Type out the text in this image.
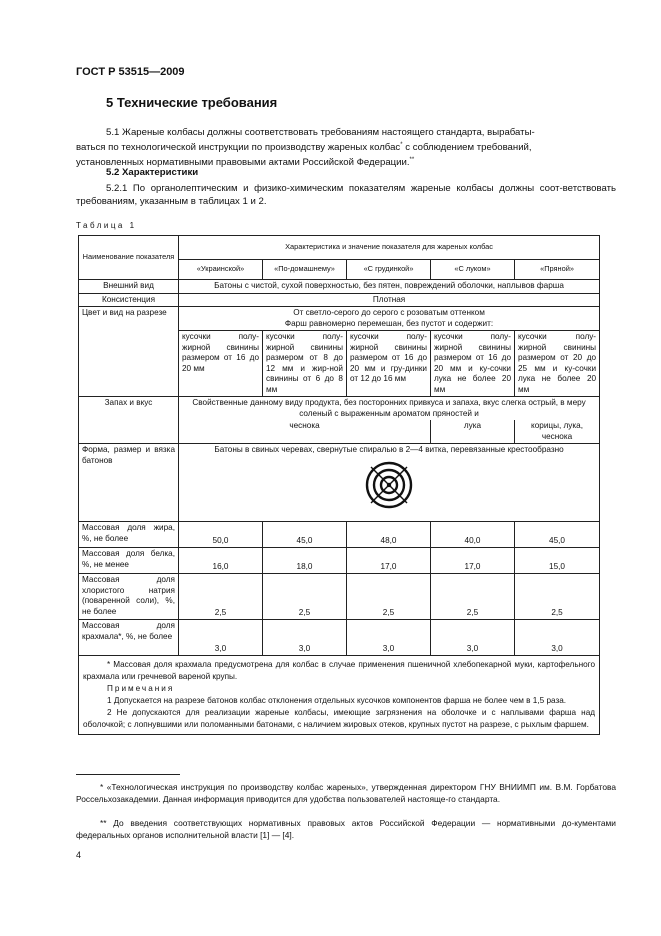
ГОСТ Р 53515—2009
5 Технические требования
5.1 Жареные колбасы должны соответствовать требованиям настоящего стандарта, вырабаты-
ваться по технологической инструкции по производству жареных колбас* с соблюдением требований,
установленных нормативными правовыми актами Российской Федерации.**
5.2 Характеристики
5.2.1 По органолептическим и физико-химическим показателям жареные колбасы должны соот-ветствовать требованиям, указанным в таблицах 1 и 2.
Таблица 1
Наименование показателя	Характеристика и значение показателя для жареных колбас				
	«Украинской»	«По-домашнему»	«С грудинкой»	«С луком»	«Пряной»
Внешний вид	Батоны с чистой, сухой поверхностью, без пятен, повреждений оболочки, наплывов фарша				
Консистенция	Плотная				
Цвет и вид на разрезе	От светло-серого до серого с розоватым оттенком
Фарш равномерно перемешан, без пустот и содержит:				
	кусочки полу-жирной свинины размером от 16 до 20 мм	кусочки полу-жирной свинины размером от 8 до 12 мм и жир-ной свинины от 6 до 8 мм	кусочки полу-жирной свинины размером от 16 до 20 мм и гру-динки от 12 до 16 мм	кусочки полу-жирной свинины размером от 16 до 20 мм и ку-сочки лука не более 20 мм	кусочки полу-жирной свинины размером от 20 до 25 мм и ку-сочки лука не более 20 мм
Запах и вкус	Свойственные данному виду продукта, без посторонних привкуса и запаха, вкус слегка острый, в меру соленый с выраженным ароматом пряностей и				
	чеснока			лука	корицы, лука, чеснока
Форма, размер и вязка батонов	Батоны в свиных черевах, свернутые спиралью в 2—4 витка, перевязанные крестообразно				

Массовая доля жира, %, не более	50,0	45,0	48,0	40,0	45,0
Массовая доля белка, %, не менее	16,0	18,0	17,0	17,0	15,0
Массовая доля хлористого натрия (поваренной соли), %, не более	2,5	2,5	2,5	2,5	2,5
Массовая доля крахмала*, %, не более	3,0	3,0	3,0	3,0	3,0

* Массовая доля крахмала предусмотрена для колбас в случае применения пшеничной хлебопекарной муки, картофельного крахмала или гречневой вареной крупы.
Примечания
1 Допускается на разрезе батонов колбас отклонения отдельных кусочков компонентов фарша не более чем в 1,5 раза.
2 Не допускаются для реализации жареные колбасы, имеющие загрязнения на оболочке и с наплывами фарша над оболочкой; с лопнувшими или поломанными батонами, с наличием жировых отеков, крупных пустот на разрезе, с рыхлым фаршем.					
* «Технологическая инструкция по производству колбас жареных», утвержденная директором ГНУ ВНИИМП им. В.М. Горбатова Россельхозакадемии. Данная информация приводится для удобства пользователей настояще-го стандарта.
** До введения соответствующих нормативных правовых актов Российской Федерации — нормативными до-кументами федеральных органов исполнительной власти [1] — [4].
4
